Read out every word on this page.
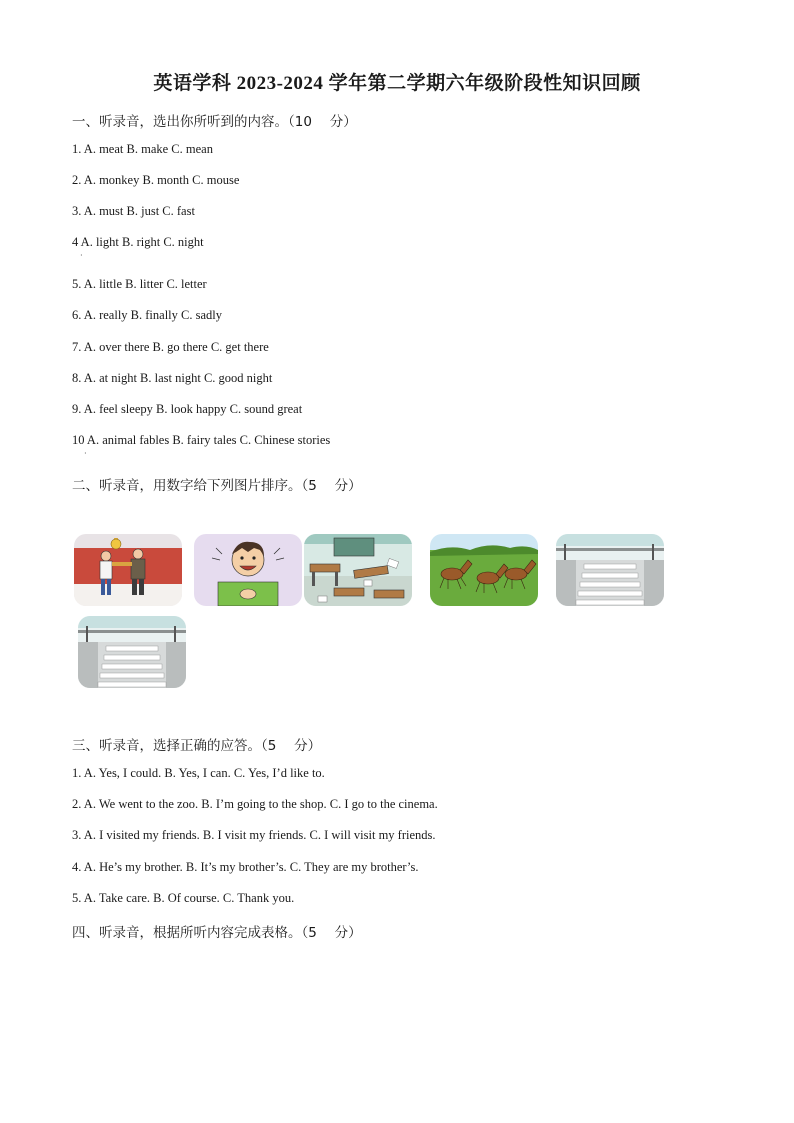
英语学科 2023-2024 学年第二学期六年级阶段性知识回顾
一、听录音，选出你所听到的内容。（10　 分）
1. A. meat B. make C. mean
2. A. monkey B. month C. mouse
3. A. must B. just C. fast
4 A. light B. right C. night
·
5. A. little B. litter C. letter
6. A. really B. finally C. sadly
7. A. over there B. go there C. get there
8. A. at night B. last night C. good night
9. A. feel sleepy B. look happy C. sound great
10 A. animal fables B. fairy tales C. Chinese stories
·
二、听录音，用数字给下列图片排序。（5　 分）
三、听录音，选择正确的应答。（5　 分）
1. A. Yes, I could. B. Yes, I can. C. Yes, I’d like to.
2. A. We went to the zoo. B. I’m going to the shop. C. I go to the cinema.
3. A. I visited my friends. B. I visit my friends. C. I will visit my friends.
4. A. He’s my brother. B. It’s my brother’s. C. They are my brother’s.
5. A. Take care. B. Of course. C. Thank you.
四、听录音，根据所听内容完成表格。（5　 分）
